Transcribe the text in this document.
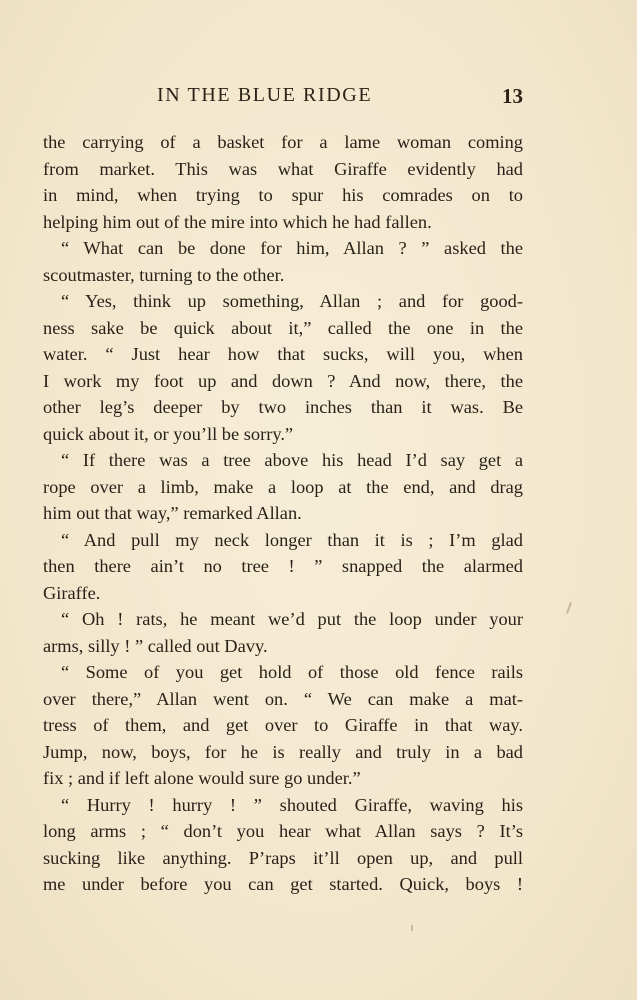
IN THE BLUE RIDGE	13
the carrying of a basket for a lame woman coming
from market. This was what Giraffe evidently had
in mind, when trying to spur his comrades on to
helping him out of the mire into which he had fallen.
“ What can be done for him, Allan ? ” asked the
scoutmaster, turning to the other.
“ Yes, think up something, Allan ; and for good-
ness sake be quick about it,” called the one in the
water. “ Just hear how that sucks, will you, when
I work my foot up and down ? And now, there, the
other leg’s deeper by two inches than it was. Be
quick about it, or you’ll be sorry.”
“ If there was a tree above his head I’d say get a
rope over a limb, make a loop at the end, and drag
him out that way,” remarked Allan.
“ And pull my neck longer than it is ; I’m glad
then there ain’t no tree ! ” snapped the alarmed
Giraffe.
“ Oh ! rats, he meant we’d put the loop under your
arms, silly ! ” called out Davy.
“ Some of you get hold of those old fence rails
over there,” Allan went on. “ We can make a mat-
tress of them, and get over to Giraffe in that way.
Jump, now, boys, for he is really and truly in a bad
fix ; and if left alone would sure go under.”
“ Hurry ! hurry ! ” shouted Giraffe, waving his
long arms ; “ don’t you hear what Allan says ? It’s
sucking like anything. P’raps it’ll open up, and pull
me under before you can get started. Quick, boys !
